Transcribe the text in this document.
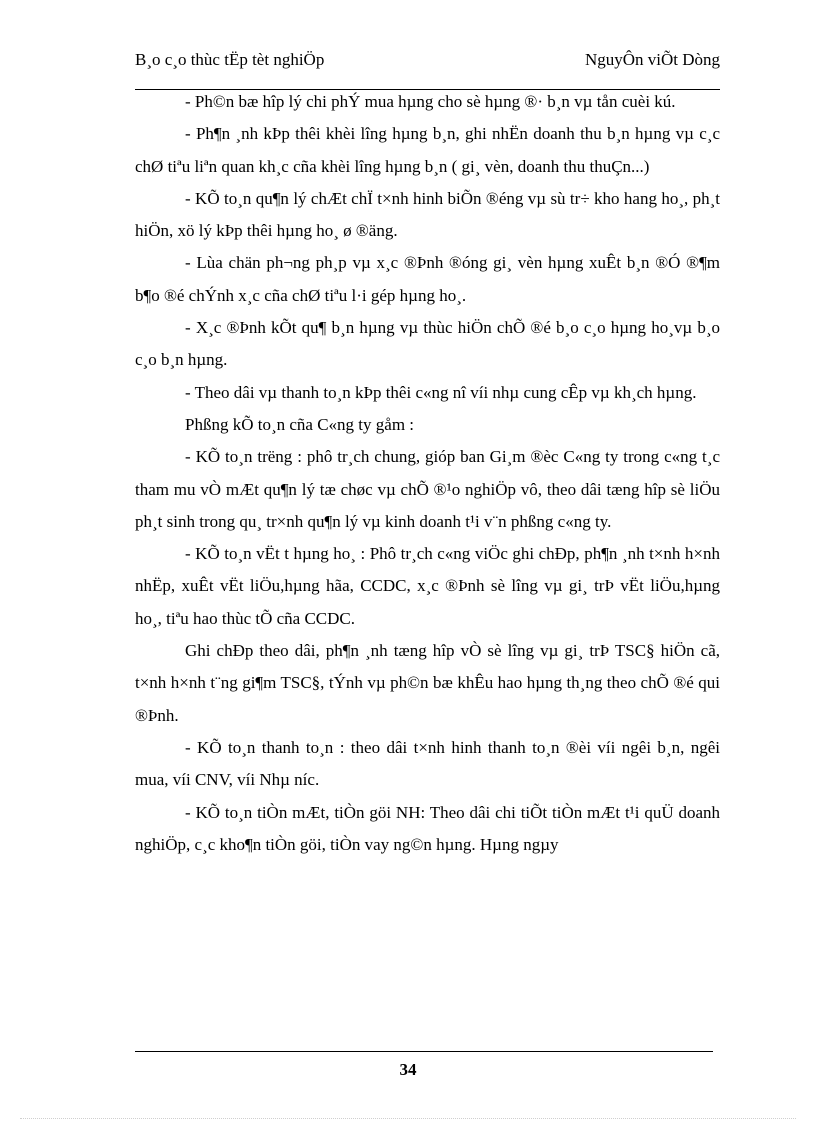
B¸o c¸o thùc tËp tèt nghiÖp	NguyÔn viÕt Dòng

- Ph©n bæ hîp lý chi phÝ mua hµng cho sè hµng ®· b¸n vµ tån cuèi kú.

- Ph¶n ¸nh kÞp thêi khèi lîng hµng b¸n, ghi nhËn doanh thu b¸n hµng vµ c¸c chØ tiªu liªn quan kh¸c cña khèi lîng hµng b¸n ( gi¸ vèn, doanh thu thuÇn...)

- KÕ to¸n qu¶n lý chÆt chÏ t×nh hinh biÕn ®éng vµ sù tr÷ kho hang ho¸, ph¸t hiÖn, xö lý kÞp thêi hµng ho¸ ø ®äng.

- Lùa chän ph¬ng ph¸p vµ x¸c ®Þnh ®óng gi¸ vèn hµng xuÊt b¸n ®Ó ®¶m b¶o ®é chÝnh x¸c cña chØ tiªu l·i gép hµng ho¸.

- X¸c ®Þnh kÕt qu¶ b¸n hµng vµ thùc hiÖn chÕ ®é b¸o c¸o hµng ho¸vµ b¸o c¸o b¸n hµng.

- Theo dâi vµ thanh to¸n kÞp thêi c«ng nî víi nhµ cung cÊp vµ kh¸ch hµng.

Phßng kÕ to¸n cña C«ng ty gåm :

- KÕ to¸n trëng : phô tr¸ch chung, gióp ban Gi¸m ®èc C«ng ty trong c«ng t¸c tham mu vÒ mÆt qu¶n lý tæ chøc vµ chÕ ®¹o nghiÖp vô, theo dâi tæng hîp sè liÖu ph¸t sinh trong qu¸ tr×nh qu¶n lý vµ kinh doanh t¹i v¨n phßng c«ng ty.

- KÕ to¸n vËt t hµng ho¸ : Phô tr¸ch c«ng viÖc ghi chÐp, ph¶n ¸nh t×nh h×nh nhËp, xuÊt vËt liÖu,hµng hãa, CCDC, x¸c ®Þnh sè lîng vµ gi¸ trÞ vËt liÖu,hµng ho¸, tiªu hao thùc tÕ cña CCDC.

Ghi chÐp theo dâi, ph¶n ¸nh tæng hîp vÒ sè lîng vµ gi¸ trÞ TSC§ hiÖn cã, t×nh h×nh t¨ng gi¶m TSC§, tÝnh vµ ph©n bæ khÊu hao hµng th¸ng theo chÕ ®é qui ®Þnh.

- KÕ to¸n thanh to¸n : theo dâi t×nh hinh thanh to¸n ®èi víi ngêi b¸n, ngêi mua, víi CNV, víi Nhµ níc.

- KÕ to¸n tiÒn mÆt, tiÒn göi NH: Theo dâi chi tiÕt tiÒn mÆt t¹i quÜ doanh nghiÖp, c¸c kho¶n tiÒn göi, tiÒn vay ng©n hµng. Hµng ngµy

34
